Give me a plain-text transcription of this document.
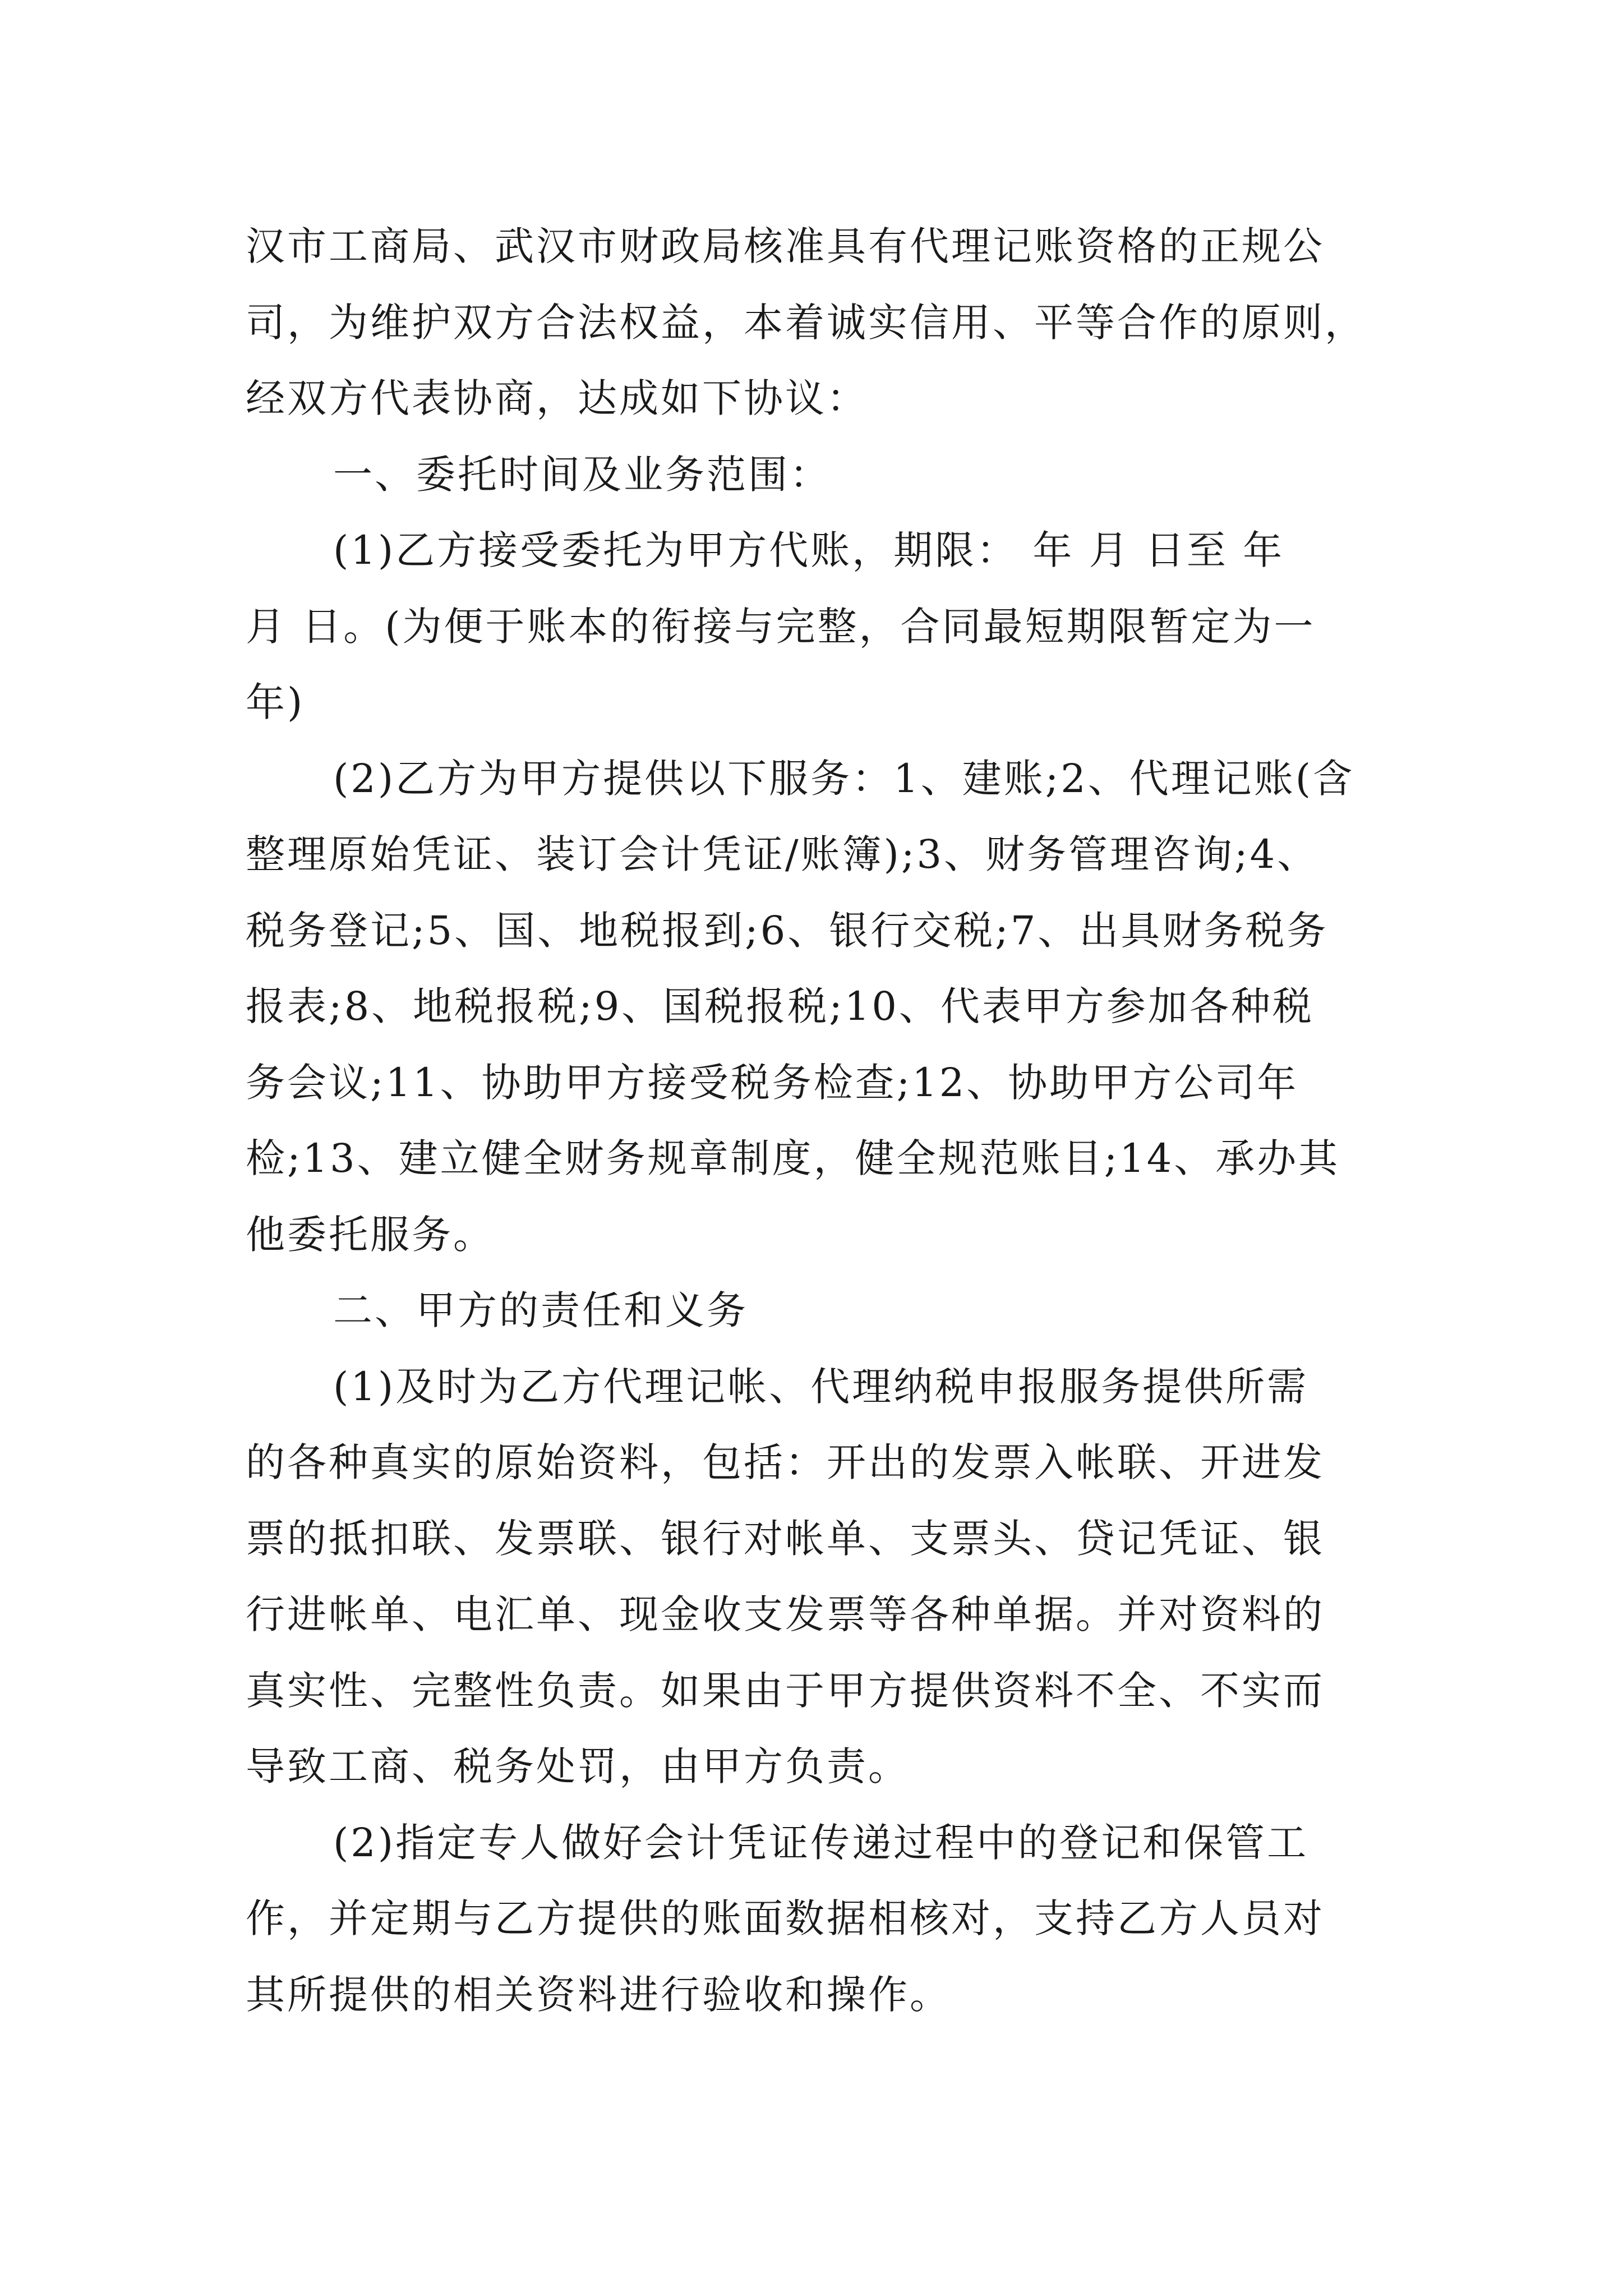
汉市工商局、武汉市财政局核准具有代理记账资格的正规公
司，为维护双方合法权益，本着诚实信用、平等合作的原则，
经双方代表协商，达成如下协议：
一、委托时间及业务范围：
(1)乙方接受委托为甲方代账，期限： 年 月 日至 年
月 日。(为便于账本的衔接与完整，合同最短期限暂定为一
年)
(2)乙方为甲方提供以下服务：1、建账;2、代理记账(含
整理原始凭证、装订会计凭证/账簿);3、财务管理咨询;4、
税务登记;5、国、地税报到;6、银行交税;7、出具财务税务
报表;8、地税报税;9、国税报税;10、代表甲方参加各种税
务会议;11、协助甲方接受税务检查;12、协助甲方公司年
检;13、建立健全财务规章制度，健全规范账目;14、承办其
他委托服务。
二、甲方的责任和义务
(1)及时为乙方代理记帐、代理纳税申报服务提供所需
的各种真实的原始资料，包括：开出的发票入帐联、开进发
票的抵扣联、发票联、银行对帐单、支票头、贷记凭证、银
行进帐单、电汇单、现金收支发票等各种单据。并对资料的
真实性、完整性负责。如果由于甲方提供资料不全、不实而
导致工商、税务处罚，由甲方负责。
(2)指定专人做好会计凭证传递过程中的登记和保管工
作，并定期与乙方提供的账面数据相核对，支持乙方人员对
其所提供的相关资料进行验收和操作。
